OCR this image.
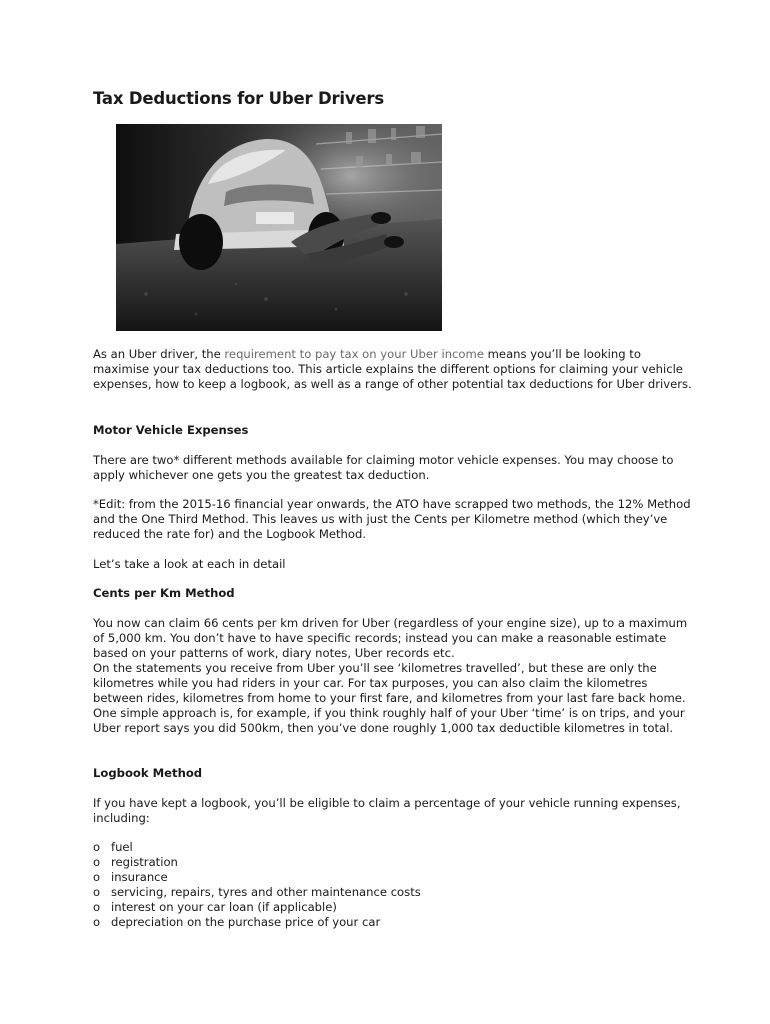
Tax Deductions for Uber Drivers

As an Uber driver, the requirement to pay tax on your Uber income means you’ll be looking to maximise your tax deductions too. This article explains the different options for claiming your vehicle expenses, how to keep a logbook, as well as a range of other potential tax deductions for Uber drivers.

Motor Vehicle Expenses

There are two* different methods available for claiming motor vehicle expenses. You may choose to apply whichever one gets you the greatest tax deduction.

*Edit: from the 2015-16 financial year onwards, the ATO have scrapped two methods, the 12% Method and the One Third Method. This leaves us with just the Cents per Kilometre method (which they’ve reduced the rate for) and the Logbook Method.

Let’s take a look at each in detail

Cents per Km Method

You now can claim 66 cents per km driven for Uber (regardless of your engine size), up to a maximum of 5,000 km. You don’t have to have specific records; instead you can make a reasonable estimate based on your patterns of work, diary notes, Uber records etc.

On the statements you receive from Uber you’ll see ‘kilometres travelled’, but these are only the kilometres while you had riders in your car. For tax purposes, you can also claim the kilometres between rides, kilometres from home to your first fare, and kilometres from your last fare back home. One simple approach is, for example, if you think roughly half of your Uber ‘time’ is on trips, and your Uber report says you did 500km, then you’ve done roughly 1,000 tax deductible kilometres in total.

Logbook Method

If you have kept a logbook, you’ll be eligible to claim a percentage of your vehicle running expenses, including:

o fuel
o registration
o insurance
o servicing, repairs, tyres and other maintenance costs
o interest on your car loan (if applicable)
o depreciation on the purchase price of your car
